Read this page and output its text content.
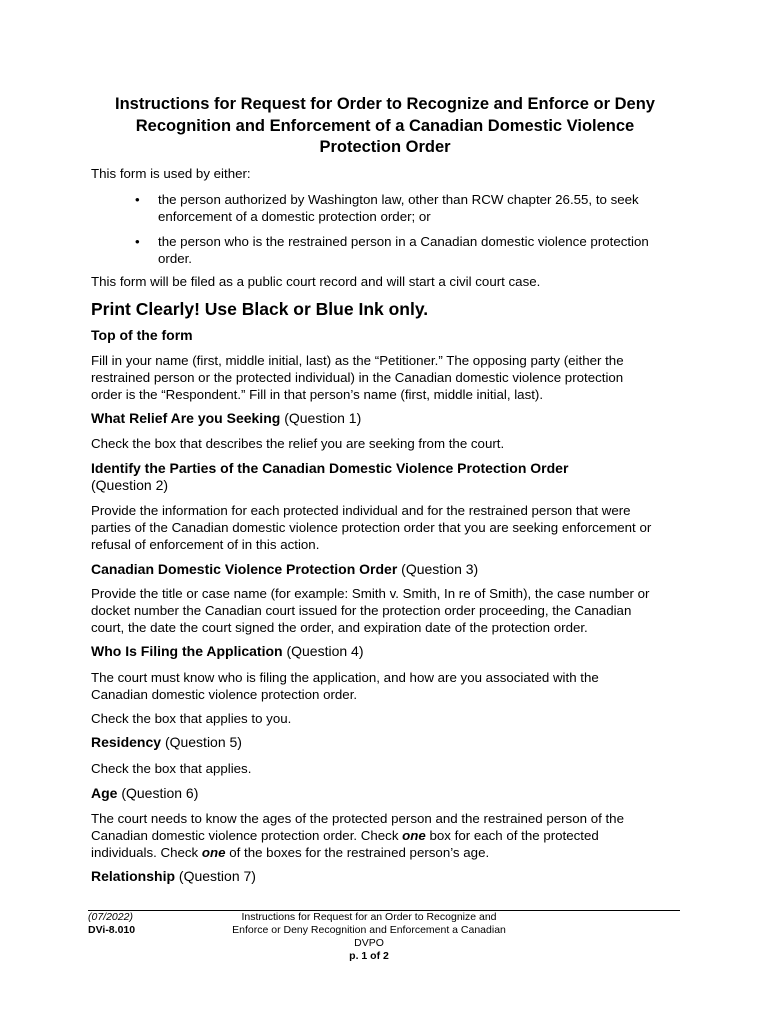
Instructions for Request for Order to Recognize and Enforce or Deny
Recognition and Enforcement of a Canadian Domestic Violence
Protection Order
This form is used by either:
• the person authorized by Washington law, other than RCW chapter 26.55, to seek
enforcement of a domestic protection order; or
• the person who is the restrained person in a Canadian domestic violence protection
order.
This form will be filed as a public court record and will start a civil court case.
Print Clearly! Use Black or Blue Ink only.
Top of the form
Fill in your name (first, middle initial, last) as the “Petitioner.” The opposing party (either the
restrained person or the protected individual) in the Canadian domestic violence protection
order is the “Respondent.” Fill in that person’s name (first, middle initial, last).
What Relief Are you Seeking (Question 1)
Check the box that describes the relief you are seeking from the court.
Identify the Parties of the Canadian Domestic Violence Protection Order
(Question 2)
Provide the information for each protected individual and for the restrained person that were
parties of the Canadian domestic violence protection order that you are seeking enforcement or
refusal of enforcement of in this action.
Canadian Domestic Violence Protection Order (Question 3)
Provide the title or case name (for example: Smith v. Smith, In re of Smith), the case number or
docket number the Canadian court issued for the protection order proceeding, the Canadian
court, the date the court signed the order, and expiration date of the protection order.
Who Is Filing the Application (Question 4)
The court must know who is filing the application, and how are you associated with the
Canadian domestic violence protection order.
Check the box that applies to you.
Residency (Question 5)
Check the box that applies.
Age (Question 6)
The court needs to know the ages of the protected person and the restrained person of the
Canadian domestic violence protection order. Check one box for each of the protected
individuals. Check one of the boxes for the restrained person’s age.
Relationship (Question 7)
(07/2022)
DVi-8.010
Instructions for Request for an Order to Recognize and
Enforce or Deny Recognition and Enforcement a Canadian
DVPO
p. 1 of 2
